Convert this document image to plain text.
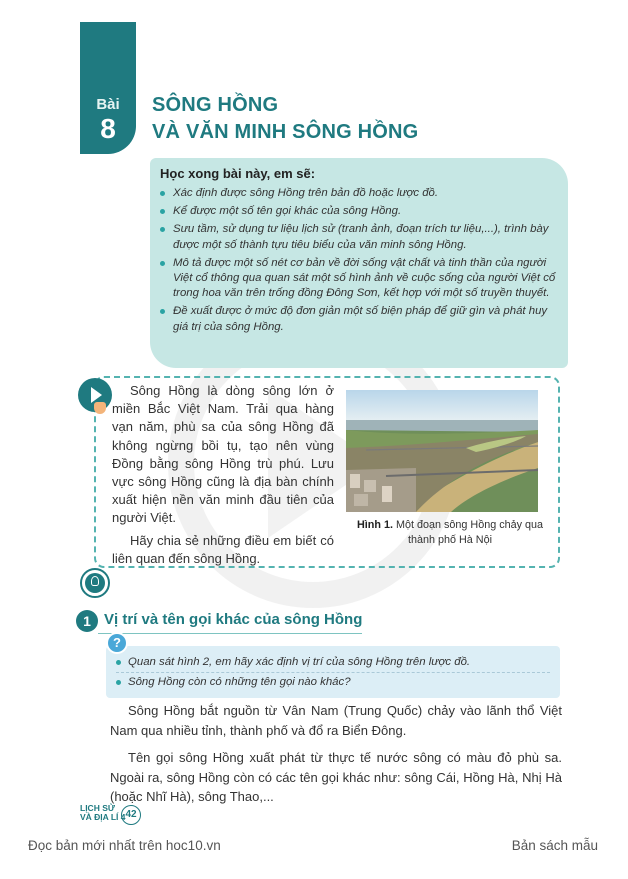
Bài
8
SÔNG HỒNG
VÀ VĂN MINH SÔNG HỒNG
Học xong bài này, em sẽ:
Xác định được sông Hồng trên bản đồ hoặc lược đồ.
Kể được một số tên gọi khác của sông Hồng.
Sưu tầm, sử dụng tư liệu lịch sử (tranh ảnh, đoạn trích tư liệu,...), trình bày được một số thành tựu tiêu biểu của văn minh sông Hồng.
Mô tả được một số nét cơ bản về đời sống vật chất và tinh thần của người Việt cổ thông qua quan sát một số hình ảnh về cuộc sống của người Việt cổ trong hoa văn trên trống đồng Đông Sơn, kết hợp với một số truyền thuyết.
Đề xuất được ở mức độ đơn giản một số biện pháp để giữ gìn và phát huy giá trị của sông Hồng.

Sông Hồng là dòng sông lớn ở miền Bắc Việt Nam. Trải qua hàng vạn năm, phù sa của sông Hồng đã không ngừng bồi tụ, tạo nên vùng Đồng bằng sông Hồng trù phú. Lưu vực sông Hồng cũng là địa bàn chính xuất hiện nền văn minh đầu tiên của người Việt.

Hãy chia sẻ những điều em biết có liên quan đến sông Hồng.

Hình 1. Một đoạn sông Hồng chảy qua thành phố Hà Nội
1 Vị trí và tên gọi khác của sông Hồng
Quan sát hình 2, em hãy xác định vị trí của sông Hồng trên lược đồ.
Sông Hồng còn có những tên gọi nào khác?
?

Sông Hồng bắt nguồn từ Vân Nam (Trung Quốc) chảy vào lãnh thổ Việt Nam qua nhiều tỉnh, thành phố và đổ ra Biển Đông.

Tên gọi sông Hồng xuất phát từ thực tế nước sông có màu đỏ phù sa. Ngoài ra, sông Hồng còn có các tên gọi khác như: sông Cái, Hồng Hà, Nhị Hà (hoặc Nhĩ Hà), sông Thao,...

LỊCH SỬ
VÀ ĐỊA LÍ 4 42
Đọc bản mới nhất trên hoc10.vn	Bản sách mẫu
